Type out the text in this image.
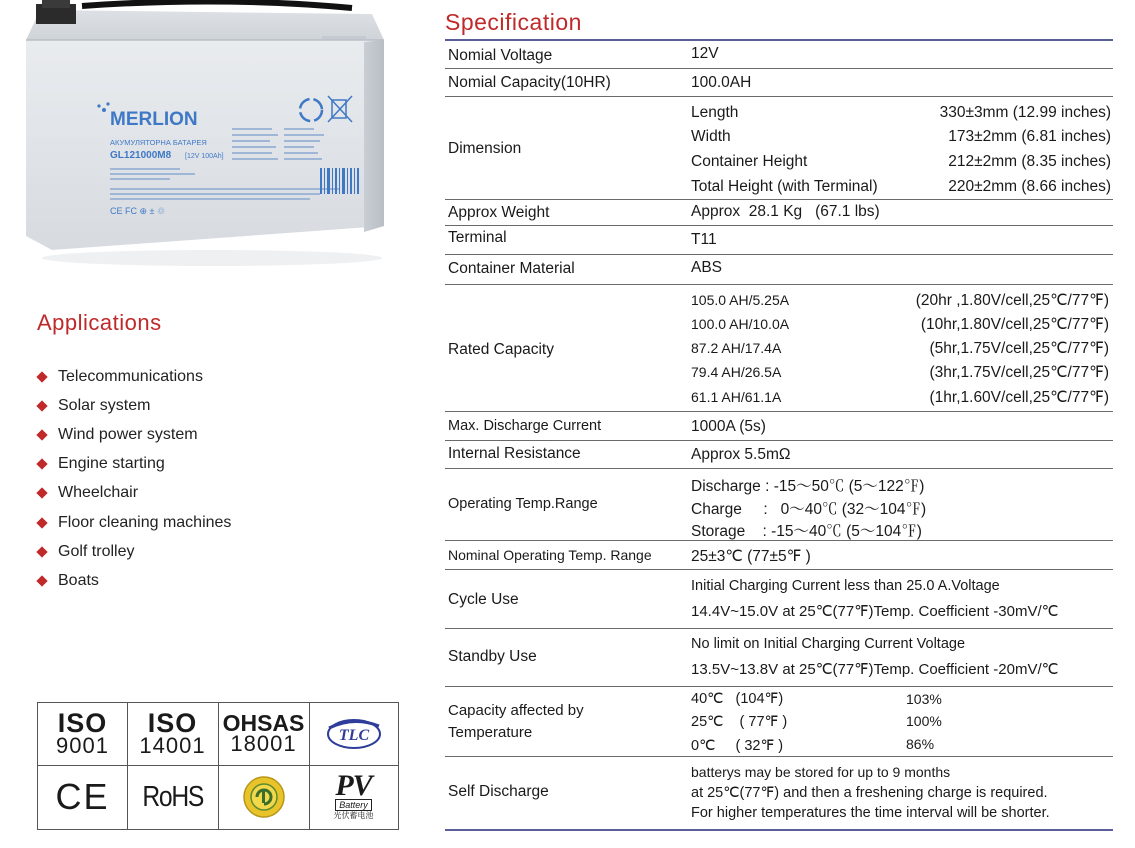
MERLION
АКУМУЛЯТОРНА БАТАРЕЯ
GL121000M8 [12V 100Ah]
CE FC ⊕ ± ♲
Applications
Telecommunications
Solar system
Wind power system
Engine starting
Wheelchair
Floor cleaning machines
Golf trolley
Boats
ISO
9001
ISO
14001
OHSAS
18001	TLC
CE RoHS	PV
Battery
光伏蓄电池
Specification
Nomial Voltage	12V
Nomial Capacity(10HR)	100.0AH
Dimension
Length	330±3mm (12.99 inches)
Width	173±2mm (6.81 inches)
Container Height	212±2mm (8.35 inches)
Total Height (with Terminal)	220±2mm (8.66 inches)
Approx Weight	Approx  28.1 Kg   (67.1 lbs)
Terminal	T11
Container Material	ABS
Rated Capacity
105.0 AH/5.25A	(20hr ,1.80V/cell,25℃/77℉)
100.0 AH/10.0A	(10hr,1.80V/cell,25℃/77℉)
87.2 AH/17.4A	(5hr,1.75V/cell,25℃/77℉)
79.4 AH/26.5A	(3hr,1.75V/cell,25℃/77℉)
61.1 AH/61.1A	(1hr,1.60V/cell,25℃/77℉)
Max. Discharge Current	1000A (5s)
Internal Resistance	Approx 5.5mΩ
Operating Temp.Range
Discharge : -15～50℃ (5～122℉)
Charge     :   0～40℃ (32～104℉)
Storage    : -15～40℃ (5～104℉)
Nominal Operating Temp. Range	25±3℃ (77±5℉ )
Cycle Use
Initial Charging Current less than 25.0 A.Voltage
14.4V~15.0V at 25℃(77℉)Temp. Coefficient -30mV/℃
Standby Use
No limit on Initial Charging Current Voltage
13.5V~13.8V at 25℃(77℉)Temp. Coefficient -20mV/℃
Capacity affected by
Temperature
40℃   (104℉)	103%
25℃    ( 77℉ )	100%
0℃     ( 32℉ )	86%
Self Discharge
batterys may be stored for up to 9 months
at 25℃(77℉) and then a freshening charge is required.
For higher temperatures the time interval will be shorter.
